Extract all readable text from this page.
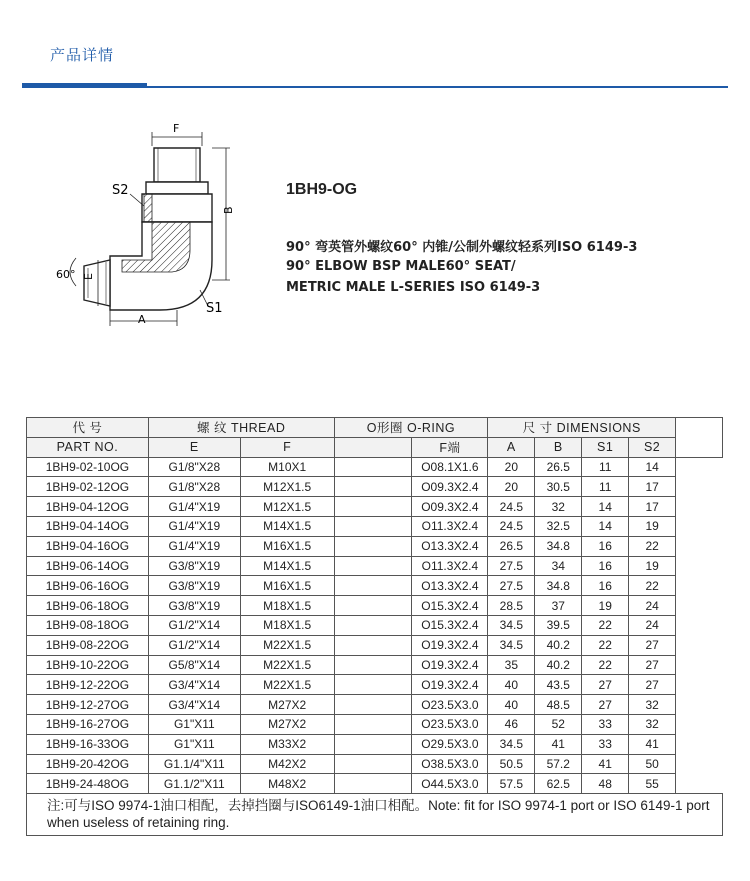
产品详情
F
S2
60° E
B
A
S1
1BH9-OG
90° 弯英管外螺纹60° 内锥/公制外螺纹轻系列ISO 6149-3
90° ELBOW BSP MALE60° SEAT/
METRIC MALE L-SERIES ISO 6149-3
代 号	螺 纹 THREAD		O形圈 O-RING		尺 寸 DIMENSIONS				
PART NO.	E	F		F端	A	B	S1	S2	
1BH9-02-10OG	G1/8"X28	M10X1		O08.1X1.6	20	26.5	11	14	
1BH9-02-12OG	G1/8"X28	M12X1.5		O09.3X2.4	20	30.5	11	17	
1BH9-04-12OG	G1/4"X19	M12X1.5		O09.3X2.4	24.5	32	14	17	
1BH9-04-14OG	G1/4"X19	M14X1.5		O11.3X2.4	24.5	32.5	14	19	
1BH9-04-16OG	G1/4"X19	M16X1.5		O13.3X2.4	26.5	34.8	16	22	
1BH9-06-14OG	G3/8"X19	M14X1.5		O11.3X2.4	27.5	34	16	19	
1BH9-06-16OG	G3/8"X19	M16X1.5		O13.3X2.4	27.5	34.8	16	22	
1BH9-06-18OG	G3/8"X19	M18X1.5		O15.3X2.4	28.5	37	19	24	
1BH9-08-18OG	G1/2"X14	M18X1.5		O15.3X2.4	34.5	39.5	22	24	
1BH9-08-22OG	G1/2"X14	M22X1.5		O19.3X2.4	34.5	40.2	22	27	
1BH9-10-22OG	G5/8"X14	M22X1.5		O19.3X2.4	35	40.2	22	27	
1BH9-12-22OG	G3/4"X14	M22X1.5		O19.3X2.4	40	43.5	27	27	
1BH9-12-27OG	G3/4"X14	M27X2		O23.5X3.0	40	48.5	27	32	
1BH9-16-27OG	G1"X11	M27X2		O23.5X3.0	46	52	33	32	
1BH9-16-33OG	G1"X11	M33X2		O29.5X3.0	34.5	41	33	41	
1BH9-20-42OG	G1.1/4"X11	M42X2		O38.5X3.0	50.5	57.2	41	50	
1BH9-24-48OG	G1.1/2"X11	M48X2		O44.5X3.0	57.5	62.5	48	55	
注:可与ISO 9974-1油口相配，去掉挡圈与ISO6149-1油口相配。Note: fit for ISO 9974-1 port or ISO 6149-1 port when useless of retaining ring.									
